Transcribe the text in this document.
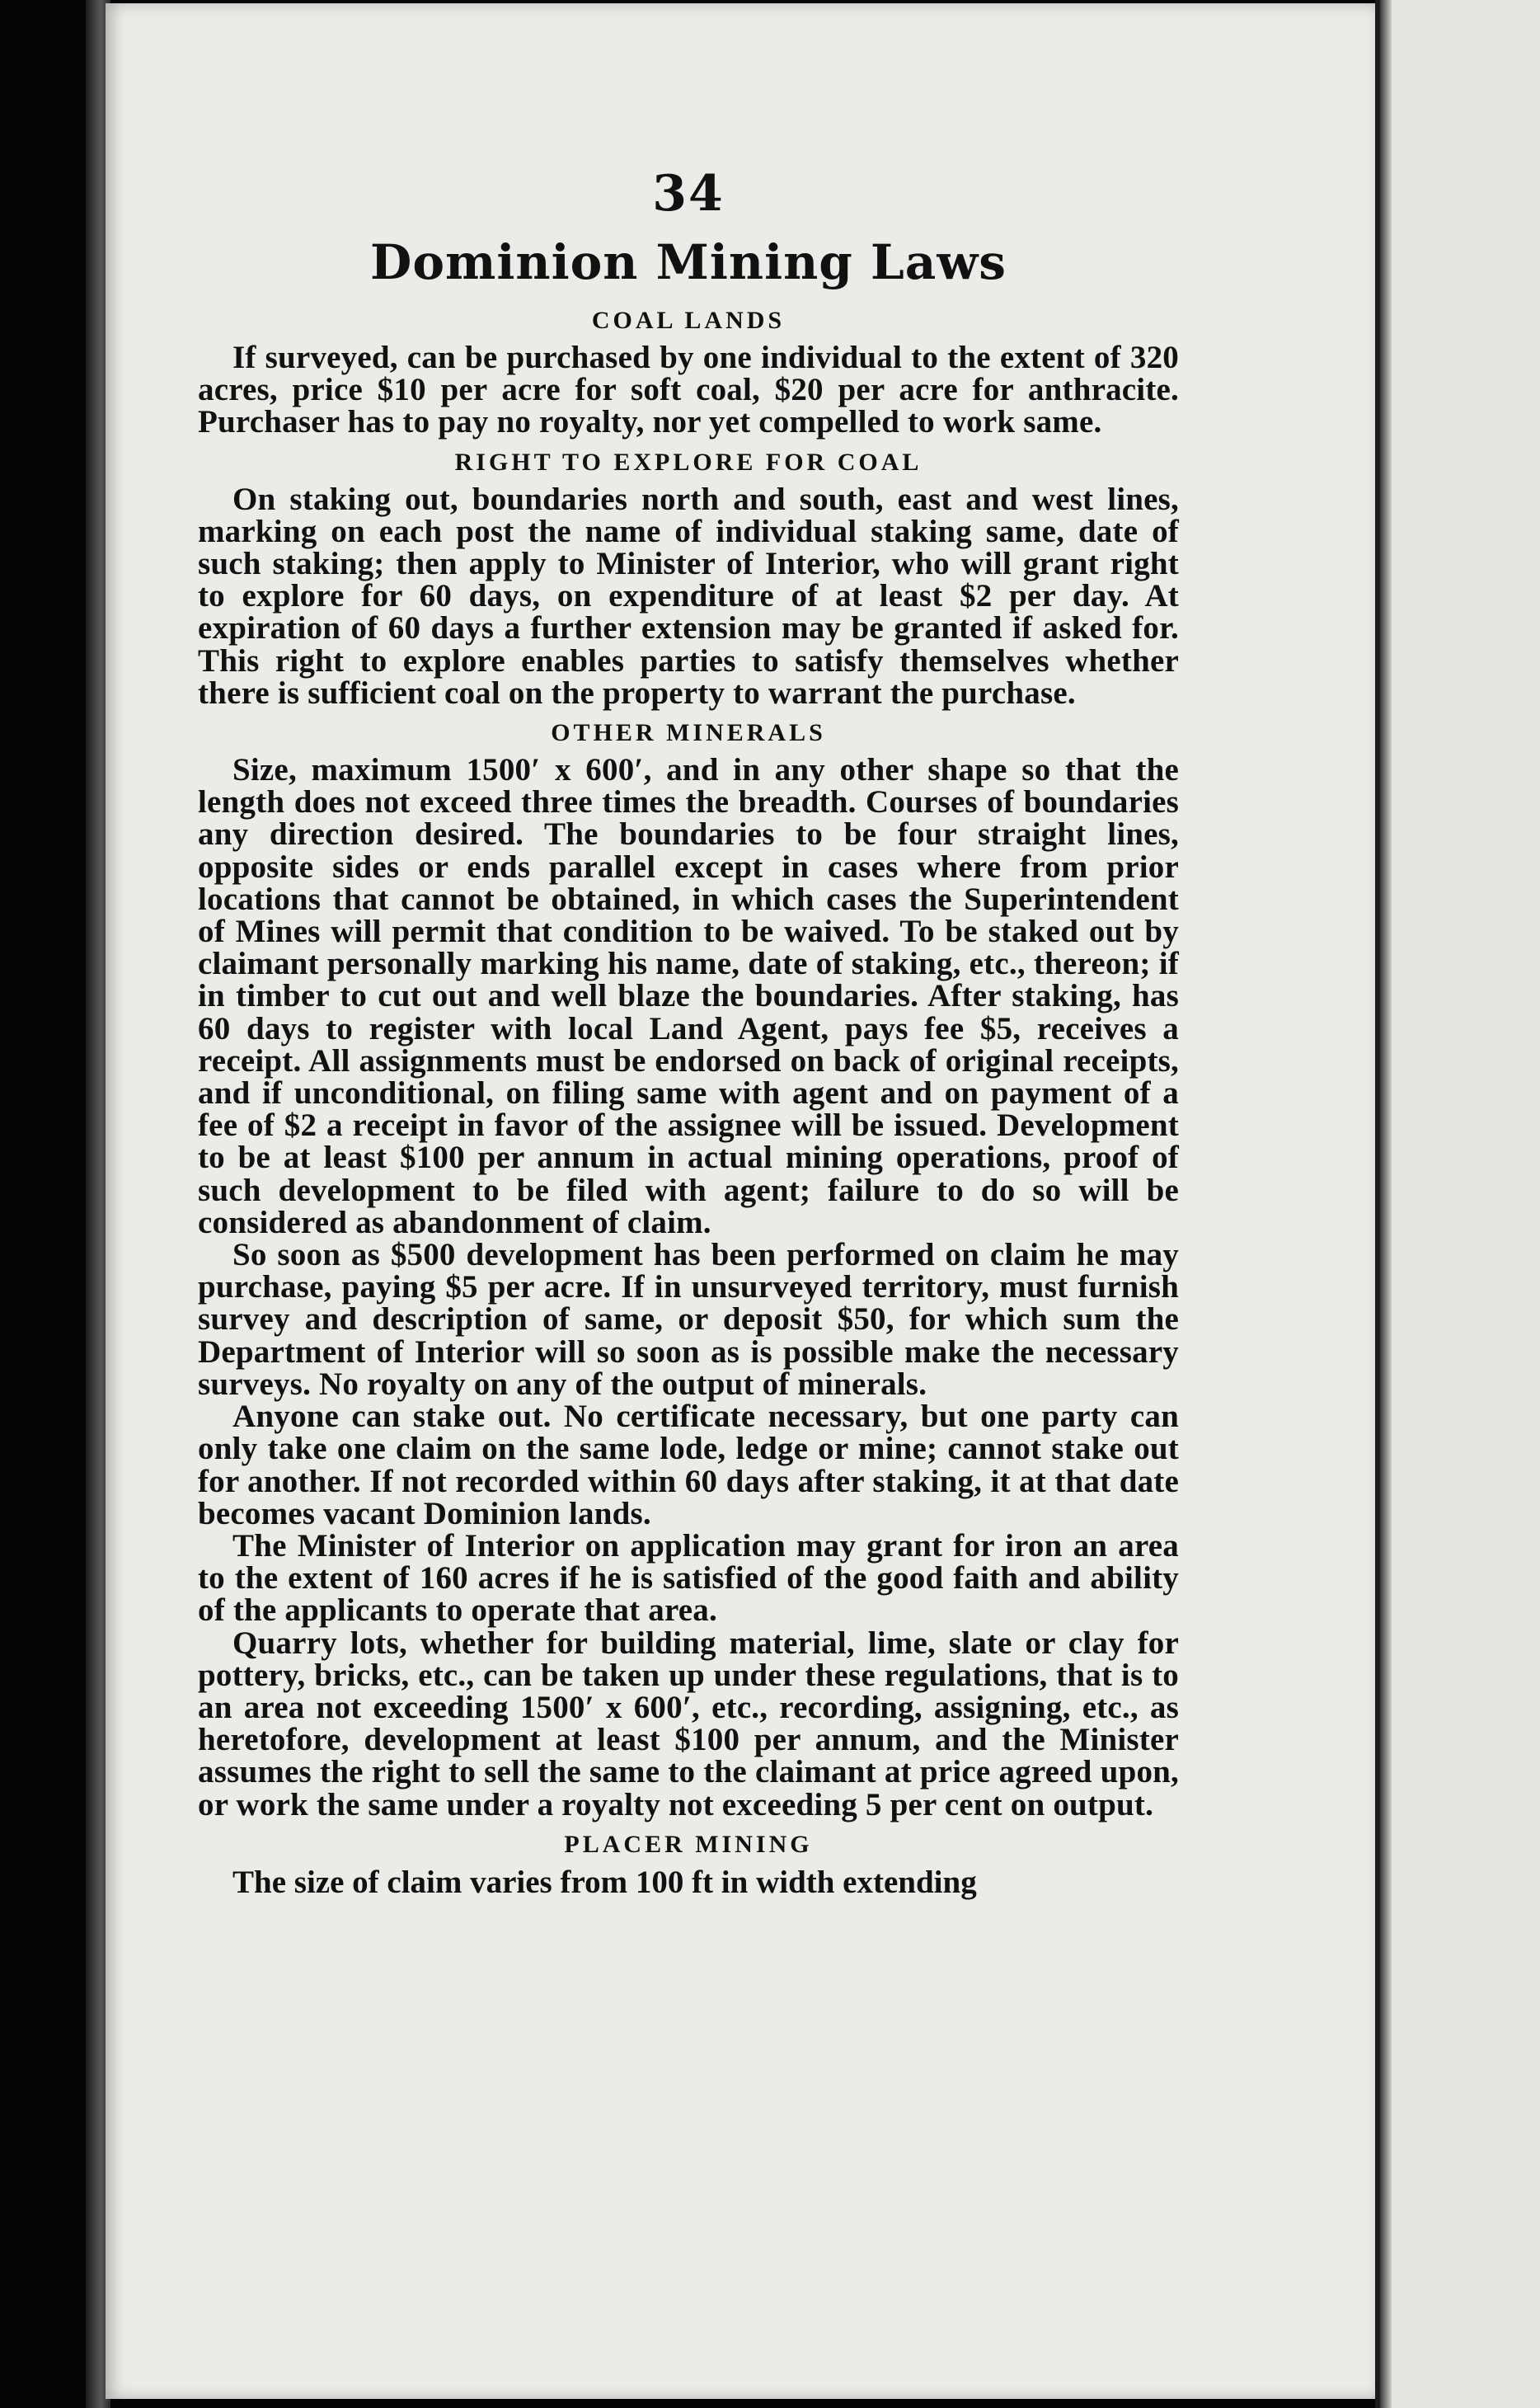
34
Dominion Mining Laws
COAL LANDS

If surveyed, can be purchased by one individual to the extent of 320 acres, price $10 per acre for soft coal, $20 per acre for anthracite. Purchaser has to pay no royalty, nor yet compelled to work same.

RIGHT TO EXPLORE FOR COAL

On staking out, boundaries north and south, east and west lines, marking on each post the name of individual staking same, date of such staking; then apply to Minister of Interior, who will grant right to explore for 60 days, on expenditure of at least $2 per day. At expiration of 60 days a further extension may be granted if asked for. This right to explore enables parties to satisfy themselves whether there is sufficient coal on the property to warrant the purchase.

OTHER MINERALS

Size, maximum 1500′ x 600′, and in any other shape so that the length does not exceed three times the breadth. Courses of boundaries any direction desired. The boundaries to be four straight lines, opposite sides or ends parallel except in cases where from prior locations that cannot be obtained, in which cases the Superintendent of Mines will permit that condition to be waived. To be staked out by claimant personally marking his name, date of staking, etc., thereon; if in timber to cut out and well blaze the boundaries. After staking, has 60 days to register with local Land Agent, pays fee $5, receives a receipt. All assignments must be endorsed on back of original receipts, and if unconditional, on filing same with agent and on payment of a fee of $2 a receipt in favor of the assignee will be issued. Development to be at least $100 per annum in actual mining operations, proof of such development to be filed with agent; failure to do so will be considered as abandonment of claim.

So soon as $500 development has been performed on claim he may purchase, paying $5 per acre. If in unsurveyed territory, must furnish survey and description of same, or deposit $50, for which sum the Department of Interior will so soon as is possible make the necessary surveys. No royalty on any of the output of minerals.

Anyone can stake out. No certificate necessary, but one party can only take one claim on the same lode, ledge or mine; cannot stake out for another. If not recorded within 60 days after staking, it at that date becomes vacant Dominion lands.

The Minister of Interior on application may grant for iron an area to the extent of 160 acres if he is satisfied of the good faith and ability of the applicants to operate that area.

Quarry lots, whether for building material, lime, slate or clay for pottery, bricks, etc., can be taken up under these regulations, that is to an area not exceeding 1500′ x 600′, etc., recording, assigning, etc., as heretofore, development at least $100 per annum, and the Minister assumes the right to sell the same to the claimant at price agreed upon, or work the same under a royalty not exceeding 5 per cent on output.

PLACER MINING

The size of claim varies from 100 ft in width extending
